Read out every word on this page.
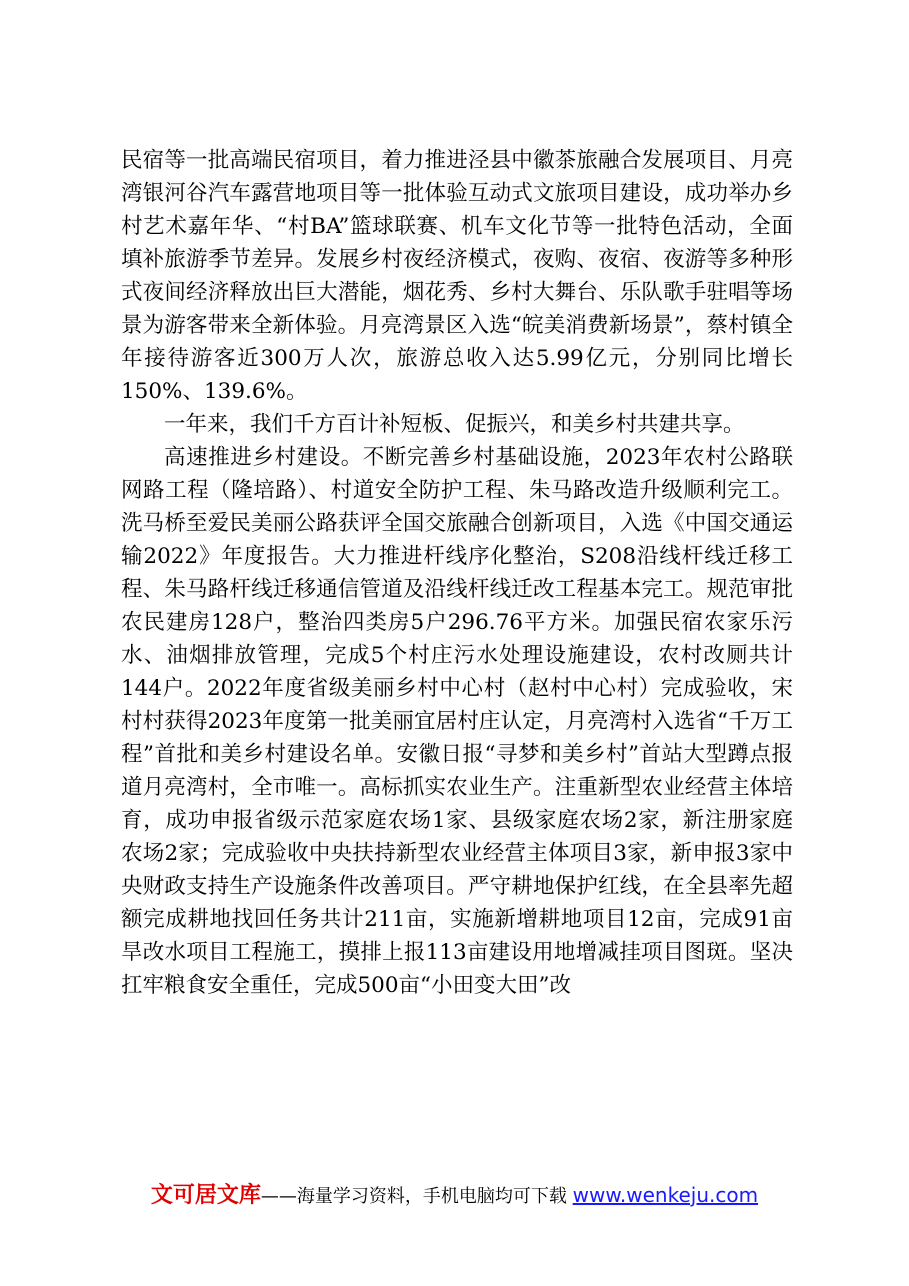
民宿等一批高端民宿项目，着力推进泾县中徽茶旅融合发展项目、月亮湾银河谷汽车露营地项目等一批体验互动式文旅项目建设，成功举办乡村艺术嘉年华、“村BA”篮球联赛、机车文化节等一批特色活动，全面填补旅游季节差异。发展乡村夜经济模式，夜购、夜宿、夜游等多种形式夜间经济释放出巨大潜能，烟花秀、乡村大舞台、乐队歌手驻唱等场景为游客带来全新体验。月亮湾景区入选“皖美消费新场景”，蔡村镇全年接待游客近300万人次，旅游总收入达5.99亿元，分别同比增长150%、139.6%。

一年来，我们千方百计补短板、促振兴，和美乡村共建共享。

高速推进乡村建设。不断完善乡村基础设施，2023年农村公路联网路工程（隆培路）、村道安全防护工程、朱马路改造升级顺利完工。洗马桥至爱民美丽公路获评全国交旅融合创新项目，入选《中国交通运输2022》年度报告。大力推进杆线序化整治，S208沿线杆线迁移工程、朱马路杆线迁移通信管道及沿线杆线迁改工程基本完工。规范审批农民建房128户，整治四类房5户296.76平方米。加强民宿农家乐污水、油烟排放管理，完成5个村庄污水处理设施建设，农村改厕共计144户。2022年度省级美丽乡村中心村（赵村中心村）完成验收，宋村村获得2023年度第一批美丽宜居村庄认定，月亮湾村入选省“千万工程”首批和美乡村建设名单。安徽日报“寻梦和美乡村”首站大型蹲点报道月亮湾村，全市唯一。高标抓实农业生产。注重新型农业经营主体培育，成功申报省级示范家庭农场1家、县级家庭农场2家，新注册家庭农场2家；完成验收中央扶持新型农业经营主体项目3家，新申报3家中央财政支持生产设施条件改善项目。严守耕地保护红线，在全县率先超额完成耕地找回任务共计211亩，实施新增耕地项目12亩，完成91亩旱改水项目工程施工，摸排上报113亩建设用地增减挂项目图斑。坚决扛牢粮食安全重任，完成500亩“小田变大田”改

文可居文库——海量学习资料，手机电脑均可下载 www.wenkeju.com
